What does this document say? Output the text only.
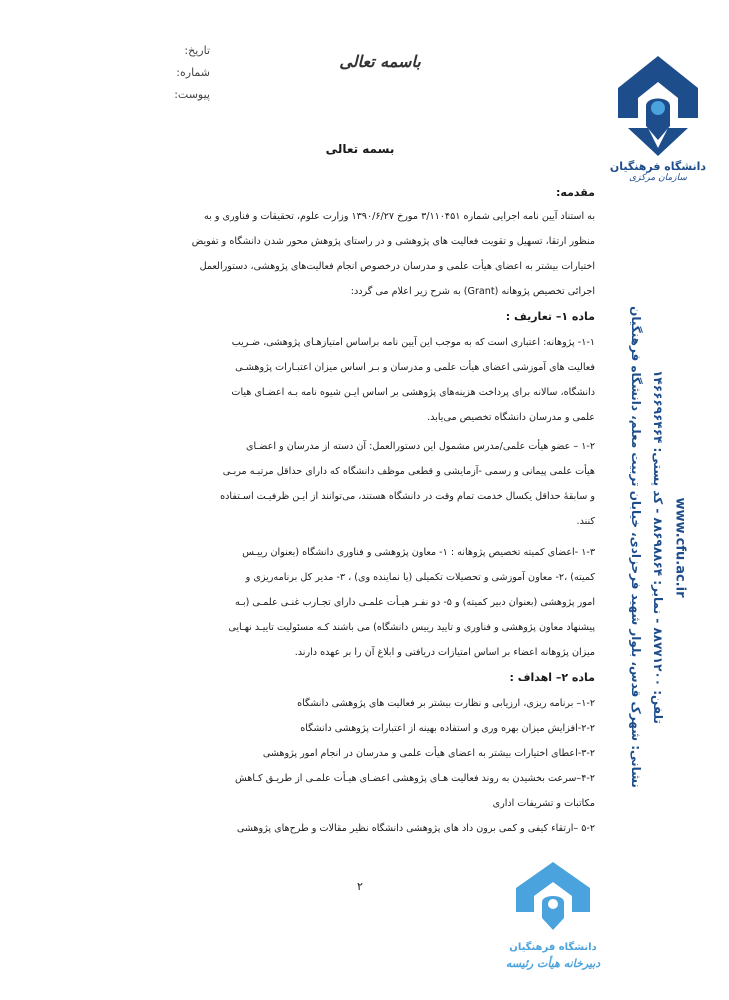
تاریخ:
شماره:
پیوست:
باسمه تعالی
دانشگاه فرهنگیان
سازمان مرکزی
نشانی: شهرک قدس، بلوار شهید فرحزادی، خیابان تربیت معلم، دانشگاه فرهنگیان تلفن: ۸۸۷۷۱۲۰۰ - نمابر: ۸۸۶۹۸۸۶۴ - کد پستی: ۱۴۶۶۶۹۶۴۶۴
www.cfu.ac.ir
بسمه تعالی
مقدمه:
به استناد آیین نامه اجرایی شماره ۳/۱۱۰۴۵۱ مورخ ۱۳۹۰/۶/۲۷ وزارت علوم، تحقیقات و فناوری و به
منظور ارتقا، تسهیل و تقویت فعالیت های پژوهشی و در راستای پژوهش محور شدن دانشگاه و تفویض
اختیارات بیشتر به اعضای هیأت علمی و مدرسان درخصوص انجام فعالیت‌های پژوهشی، دستورالعمل
اجرائی تخصیص پژوهانه (Grant) به شرح زیر اعلام می گردد:
ماده ۱– تعاریف :
۱-۱- پژوهانه: اعتباری است که به موجب این آیین نامه براساس امتیازهـای پژوهشی، ضـریب
فعالیت های آموزشی اعضای هیأت علمی و مدرسان و بـر اساس میزان اعتبـارات پژوهشـی
دانشگاه، سالانه برای پرداخت هزینه‌های پژوهشی بر اساس ایـن شیوه نامه بـه اعضـای هیات
علمی و مدرسان دانشگاه تخصیص می‌یابد.
۱-۲ – عضو هیأت علمی/مدرس مشمول این دستورالعمل: آن دسته از مدرسان و اعضـای
هیأت علمی پیمانی و رسمی -آزمایشی و قطعی موظف دانشگاه که دارای حداقل مرتبـه مربـی
و سابقۀ حداقل یکسال خدمت تمام وقت در دانشگاه هستند، می‌توانند از ایـن ظرفیـت اسـتفاده
کنند.
۱-۳ -اعضای کمیته تخصیص پژوهانه : ۱- معاون پژوهشی و فناوری دانشگاه (بعنوان رییـس
کمیته) ،۲- معاون آموزشی و تحصیلات تکمیلی (یا نماینده وی) ، ۳- مدیر کل برنامه‌ریزی و
امور پژوهشی (بعنوان دبیر کمیته) و ۵- دو نفـر هیـأت علمـی دارای تجـارب غنـی علمـی (بـه
پیشنهاد معاون پژوهشی و فناوری و تایید رییس دانشگاه) می باشند کـه مسئولیت تاییـد نهـایی
میزان پژوهانه اعضاء بر اساس امتیازات دریافتی و ابلاغ آن را بر عهده دارند.
ماده ۲– اهداف :
۱-۲– برنامه ریزی، ارزیابی و نظارت بیشتر بر فعالیت های پژوهشی دانشگاه
۲-۲-افزایش میزان بهره وری و استفاده بهینه از اعتبارات پژوهشی دانشگاه
۳-۲-اعطای اختیارات بیشتر به اعضای هیأت علمی و مدرسان در انجام امور پژوهشی
۴-۲–سرعت بخشیدن به روند فعالیت هـای پژوهشی اعضـای هیـأت علمـی از طریـق کـاهش
مکاتبات و تشریفات اداری
۵-۲ –ارتقاء کیفی و کمی برون داد های پژوهشی دانشگاه نظیر مقالات و طرح‌های پژوهشی
۲
دانشگاه فرهنگیان
دبیرخانه هیأت رئیسه
